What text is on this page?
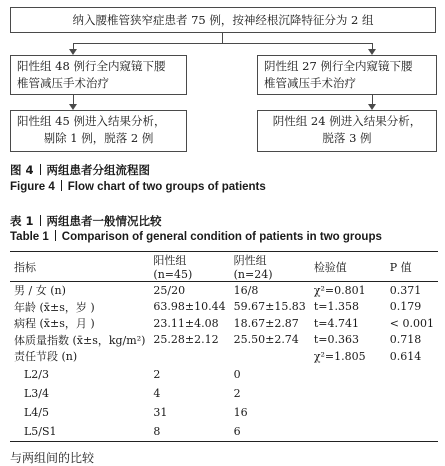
纳入腰椎管狭窄症患者 75 例，按神经根沉降特征分为 2 组
阳性组 48 例行全内窥镜下腰
椎管减压手术治疗
阴性组 27 例行全内窥镜下腰
椎管减压手术治疗
阳性组 45 例进入结果分析，
剔除 1 例，脱落 2 例
阴性组 24 例进入结果分析，
脱落 3 例
图 4 两组患者分组流程图
Figure 4 Flow chart of two groups of patients
表 1 两组患者一般情况比较
Table 1 Comparison of general condition of patients in two groups
指标	阳性组 (n=45)	阴性组 (n=24)	检验值	P 值
男 / 女 (n)	25/20	16/8	χ²=0.801	0.371
年龄 (x̄±s，岁 )	63.98±10.44	59.67±15.83	t=1.358	0.179
病程 (x̄±s，月 )	23.11±4.08	18.67±2.87	t=4.741	< 0.001
体质量指数 (x̄±s，kg/m²)	25.28±2.12	25.50±2.74	t=0.363	0.718
责任节段 (n)			χ²=1.805	0.614
L2/3	2	0		
L3/4	4	2		
L4/5	31	16		
L5/S1	8	6		
与两组间的比较
